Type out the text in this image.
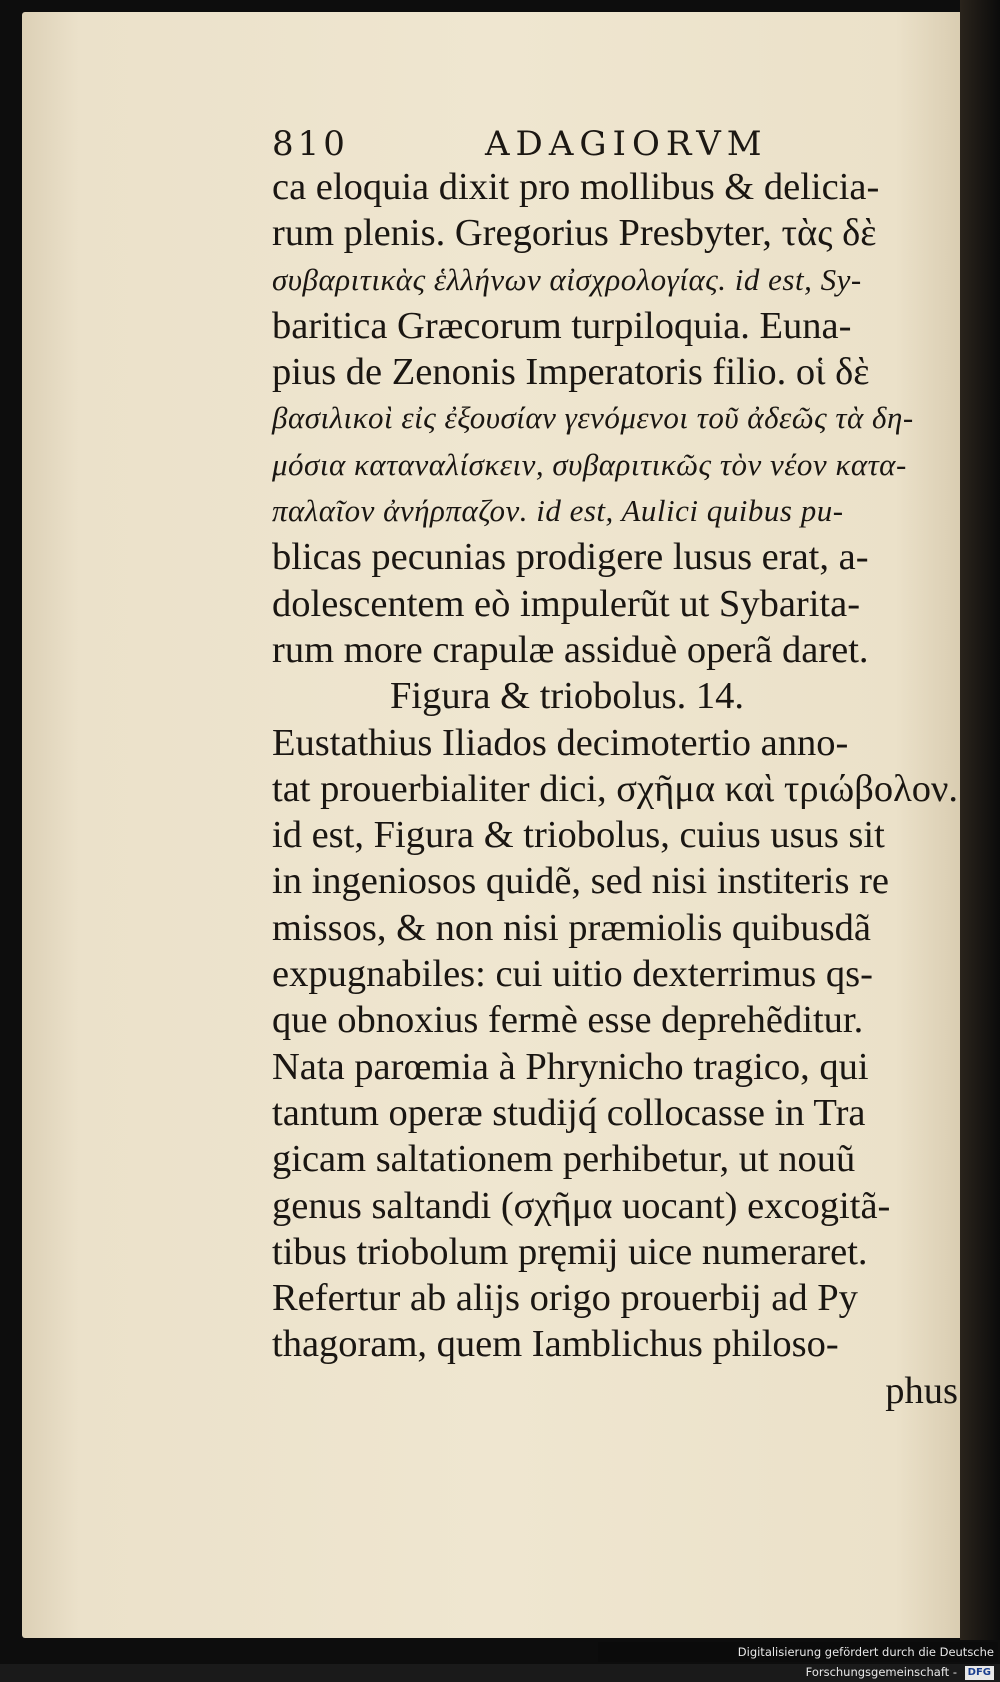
810	ADAGIORVM
ca eloquia dixit pro mollibus & delicia-
rum plenis. Gregorius Presbyter, τὰς δὲ
συβαριτικὰς ἑλλήνων αἰσχρολογίας. id est, Sy-
baritica Græcorum turpiloquia. Euna-
pius de Zenonis Imperatoris filio. οἱ δὲ
βασιλικοὶ εἰς ἐξουσίαν γενόμενοι τοῦ ἀδεῶς τὰ δη-
μόσια καταναλίσκειν, συβαριτικῶς τὸν νέον κατα-
παλαῖον ἀνήρπαζον. id est, Aulici quibus pu-
blicas pecunias prodigere lusus erat, a-
dolescentem eò impulerũt ut Sybarita-
rum more crapulæ assiduè operã daret.
Figura & triobolus. 14.
Eustathius Iliados decimotertio anno-
tat prouerbialiter dici, σχῆμα καὶ τριώβολον.
id est, Figura & triobolus, cuius usus sit
in ingeniosos quidẽ, sed nisi institeris re
missos, & non nisi præmiolis quibusdã
expugnabiles: cui uitio dexterrimus qs-
que obnoxius fermè esse deprehẽditur.
Nata parœmia à Phrynicho tragico, qui
tantum operæ studijq́ collocasse in Tra
gicam saltationem perhibetur, ut nouũ
genus saltandi (σχῆμα uocant) excogitã-
tibus triobolum pręmij uice numeraret.
Refertur ab alijs origo prouerbij ad Py
thagoram, quem Iamblichus philoso-
phus
Digitalisierung gefördert durch die Deutsche Forschungsgemeinschaft - DFG
